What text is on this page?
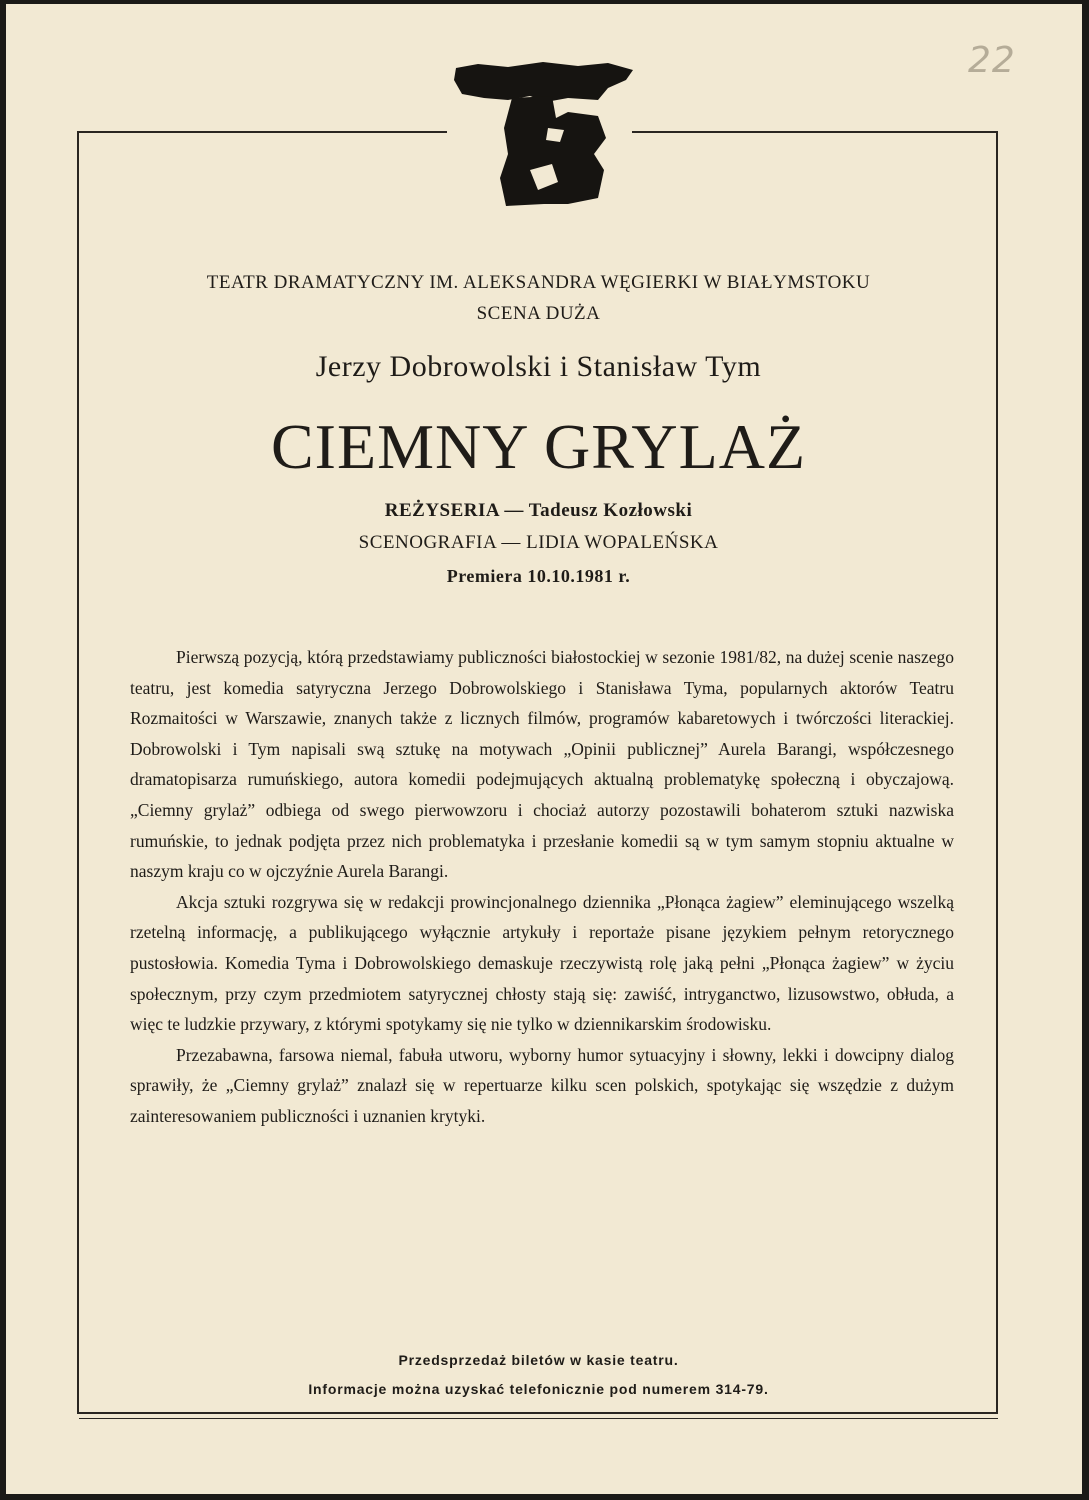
22
TEATR DRAMATYCZNY IM. ALEKSANDRA WĘGIERKI W BIAŁYMSTOKU
SCENA DUŻA
Jerzy Dobrowolski i Stanisław Tym
CIEMNY GRYLAŻ
REŻYSERIA — Tadeusz Kozłowski
SCENOGRAFIA — LIDIA WOPALEŃSKA
Premiera 10.10.1981 r.

Pierwszą pozycją, którą przedstawiamy publiczności białostockiej w sezonie 1981/82, na dużej scenie naszego teatru, jest komedia satyryczna Jerzego Dobrowolskiego i Stanisława Tyma, popularnych aktorów Teatru Rozmaitości w Warszawie, znanych także z licznych filmów, programów kabaretowych i twórczości literackiej. Dobrowolski i Tym napisali swą sztukę na motywach „Opinii publicznej” Aurela Barangi, współczesnego dramatopisarza rumuńskiego, autora komedii podejmujących aktualną problematykę społeczną i obyczajową. „Ciemny grylaż” odbiega od swego pierwowzoru i chociaż autorzy pozostawili bohaterom sztuki nazwiska rumuńskie, to jednak podjęta przez nich problematyka i przesłanie komedii są w tym samym stopniu aktualne w naszym kraju co w ojczyźnie Aurela Barangi.

Akcja sztuki rozgrywa się w redakcji prowincjonalnego dziennika „Płonąca żagiew” eleminującego wszelką rzetelną informację, a publikującego wyłącznie artykuły i reportaże pisane językiem pełnym retorycznego pustosłowia. Komedia Tyma i Dobrowolskiego demaskuje rzeczywistą rolę jaką pełni „Płonąca żagiew” w życiu społecznym, przy czym przedmiotem satyrycznej chłosty stają się: zawiść, intryganctwo, lizusowstwo, obłuda, a więc te ludzkie przywary, z którymi spotykamy się nie tylko w dziennikarskim środowisku.

Przezabawna, farsowa niemal, fabuła utworu, wyborny humor sytuacyjny i słowny, lekki i dowcipny dialog sprawiły, że „Ciemny grylaż” znalazł się w repertuarze kilku scen polskich, spotykając się wszędzie z dużym zainteresowaniem publiczności i uznanien krytyki.

Przedsprzedaż biletów w kasie teatru.
Informacje można uzyskać telefonicznie pod numerem 314-79.
